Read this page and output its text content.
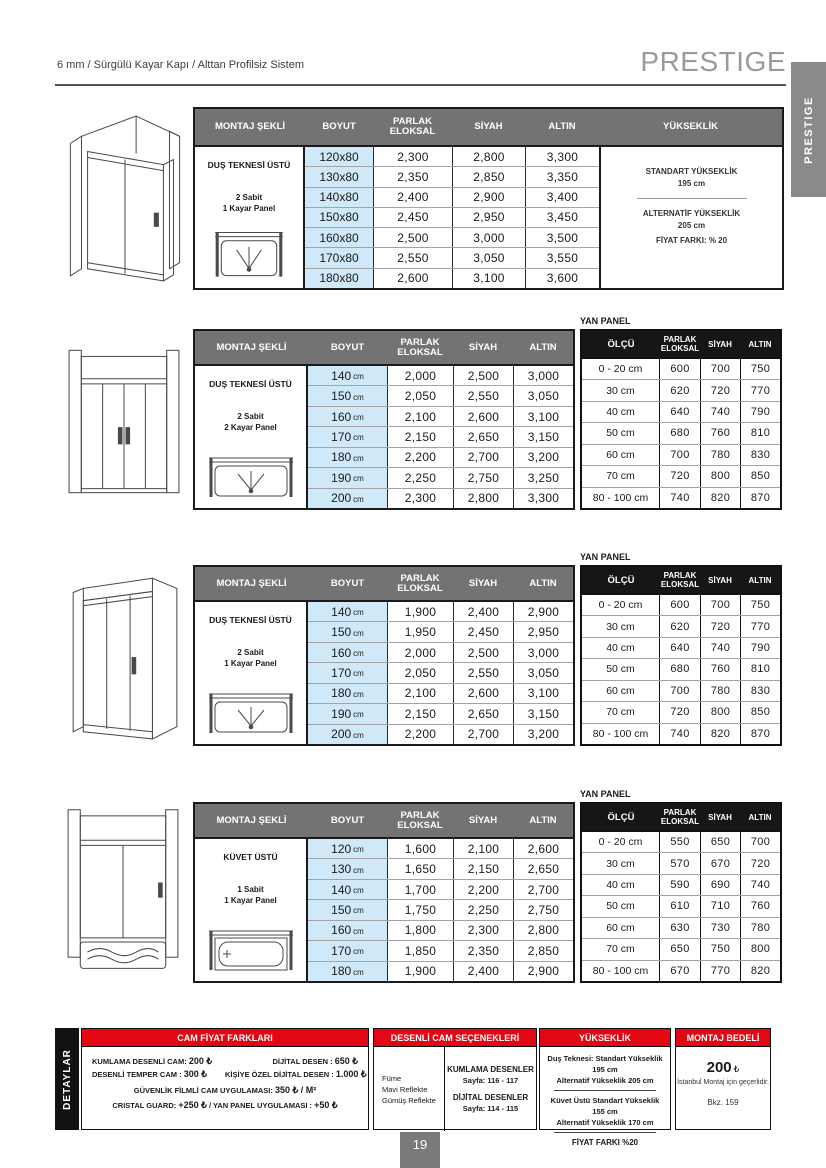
6 mm / Sürgülü Kayar Kapı / Alttan Profilsiz Sistem	PRESTIGE
PRESTIGE
MONTAJ ŞEKLİ	BOYUT	PARLAK ELOKSAL	SİYAH	ALTIN	YÜKSEKLİK
DUŞ TEKNESİ ÜSTÜ
2 Sabit
1 Kayar Panel
120x80	2,300	2,800	3,300
130x80	2,350	2,850	3,350
140x80	2,400	2,900	3,400
150x80	2,450	2,950	3,450
160x80	2,500	3,000	3,500
170x80	2,550	3,050	3,550
180x80	2,600	3,100	3,600
STANDART YÜKSEKLİK
195 cm
ALTERNATİF YÜKSEKLİK
205 cm
FİYAT FARKI: % 20
YAN PANEL
MONTAJ ŞEKLİ	BOYUT	PARLAK ELOKSAL	SİYAH	ALTIN
DUŞ TEKNESİ ÜSTÜ
2 Sabit
2 Kayar Panel
140 cm	2,000	2,500	3,000
150 cm	2,050	2,550	3,050
160 cm	2,100	2,600	3,100
170 cm	2,150	2,650	3,150
180 cm	2,200	2,700	3,200
190 cm	2,250	2,750	3,250
200 cm	2,300	2,800	3,300
ÖLÇÜ	PARLAK ELOKSAL	SİYAH	ALTIN
0 - 20 cm	600	700	750
30 cm	620	720	770
40 cm	640	740	790
50 cm	680	760	810
60 cm	700	780	830
70 cm	720	800	850
80 - 100 cm	740	820	870
YAN PANEL
MONTAJ ŞEKLİ	BOYUT	PARLAK ELOKSAL	SİYAH	ALTIN
DUŞ TEKNESİ ÜSTÜ
2 Sabit
1 Kayar Panel
140 cm	1,900	2,400	2,900
150 cm	1,950	2,450	2,950
160 cm	2,000	2,500	3,000
170 cm	2,050	2,550	3,050
180 cm	2,100	2,600	3,100
190 cm	2,150	2,650	3,150
200 cm	2,200	2,700	3,200
ÖLÇÜ	PARLAK ELOKSAL	SİYAH	ALTIN
0 - 20 cm	600	700	750
30 cm	620	720	770
40 cm	640	740	790
50 cm	680	760	810
60 cm	700	780	830
70 cm	720	800	850
80 - 100 cm	740	820	870
YAN PANEL
MONTAJ ŞEKLİ	BOYUT	PARLAK ELOKSAL	SİYAH	ALTIN
KÜVET ÜSTÜ
1 Sabit
1 Kayar Panel
120 cm	1,600	2,100	2,600
130 cm	1,650	2,150	2,650
140 cm	1,700	2,200	2,700
150 cm	1,750	2,250	2,750
160 cm	1,800	2,300	2,800
170 cm	1,850	2,350	2,850
180 cm	1,900	2,400	2,900
ÖLÇÜ	PARLAK ELOKSAL	SİYAH	ALTIN
0 - 20 cm	550	650	700
30 cm	570	670	720
40 cm	590	690	740
50 cm	610	710	760
60 cm	630	730	780
70 cm	650	750	800
80 - 100 cm	670	770	820
DETAYLAR
CAM FİYAT FARKLARI
KUMLAMA DESENLİ CAM: 200 ₺	DİJİTAL DESEN : 650 ₺
DESENLİ TEMPER CAM : 300 ₺	KİŞİYE ÖZEL DİJİTAL DESEN : 1.000 ₺
GÜVENLİK FİLMLİ CAM UYGULAMASI: 350 ₺ / M²
CRISTAL GUARD: +250 ₺ / YAN PANEL UYGULAMASI : +50 ₺
DESENLİ CAM SEÇENEKLERİ
Füme
Mavi Reflekte
Gümüş Reflekte
KUMLAMA DESENLER
Sayfa: 116 - 117
DİJİTAL DESENLER
Sayfa: 114 - 115
YÜKSEKLİK
Duş Teknesi: Standart Yükseklik 195 cm
Alternatif Yükseklik 205 cm
Küvet Üstü Standart Yükseklik 155 cm
Alternatif Yükseklik 170 cm
FİYAT FARKI %20
MONTAJ BEDELİ
200 ₺
İstanbul Montaj için geçerlidir.
Bkz. 159
19
